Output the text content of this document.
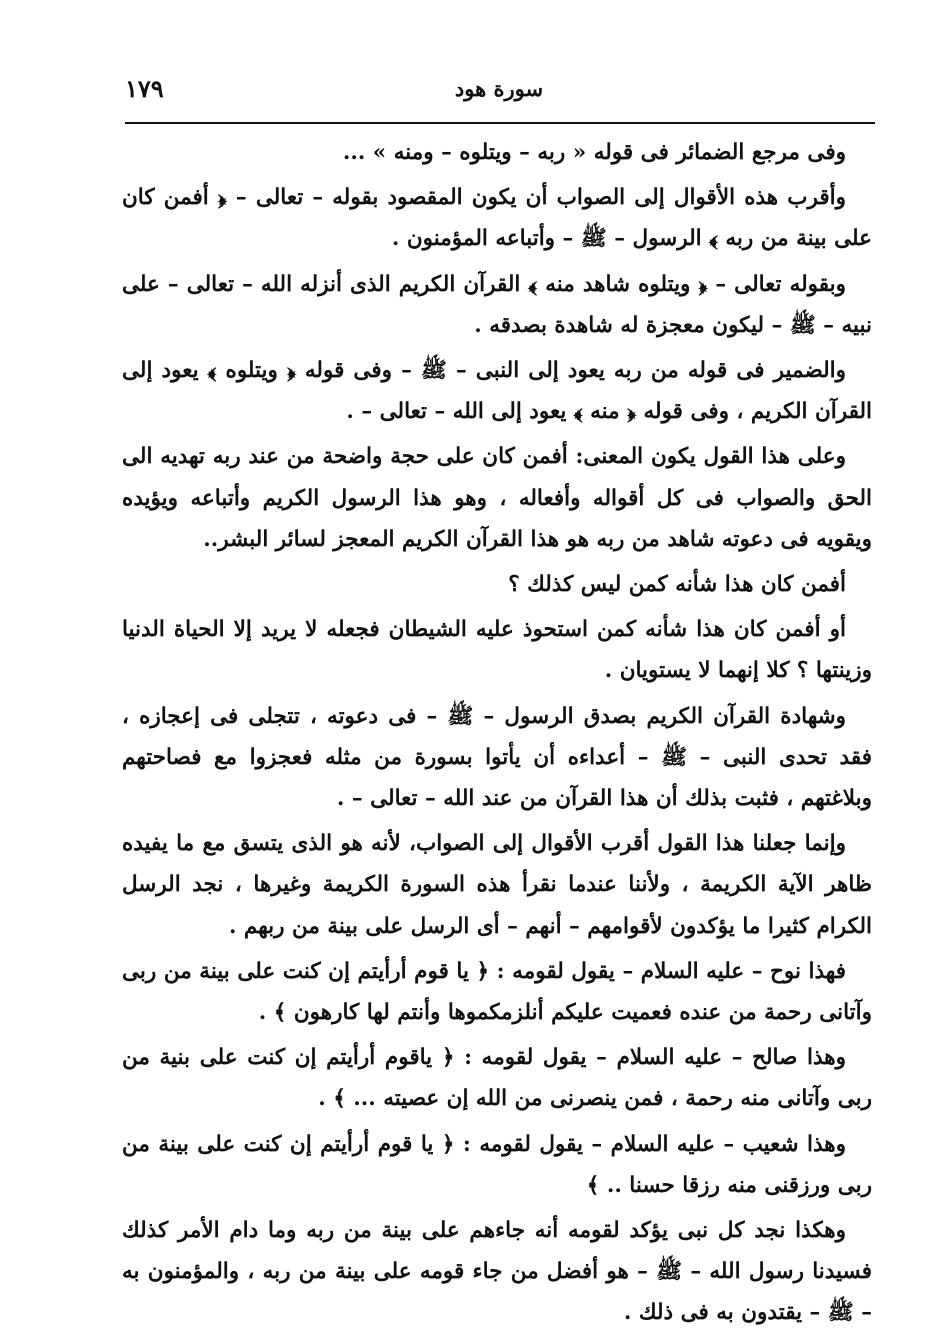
١٧٩	سورة هود

وفى مرجع الضمائر فى قوله « ربه – ويتلوه – ومنه » ...

وأقرب هذه الأقوال إلى الصواب أن يكون المقصود بقوله – تعالى – ﴿ أفمن كان على بينة من ربه ﴾ الرسول – ﷺ – وأتباعه المؤمنون .

وبقوله تعالى – ﴿ ويتلوه شاهد منه ﴾ القرآن الكريم الذى أنزله الله – تعالى – على نبيه – ﷺ – ليكون معجزة له شاهدة بصدقه .

والضمير فى قوله من ربه يعود إلى النبى – ﷺ – وفى قوله ﴿ ويتلوه ﴾ يعود إلى القرآن الكريم ، وفى قوله ﴿ منه ﴾ يعود إلى الله – تعالى – .

وعلى هذا القول يكون المعنى: أفمن كان على حجة واضحة من عند ربه تهديه الى الحق والصواب فى كل أقواله وأفعاله ، وهو هذا الرسول الكريم وأتباعه ويؤيده ويقويه فى دعوته شاهد من ربه هو هذا القرآن الكريم المعجز لسائر البشر..

أفمن كان هذا شأنه كمن ليس كذلك ؟

أو أفمن كان هذا شأنه كمن استحوذ عليه الشيطان فجعله لا يريد إلا الحياة الدنيا وزينتها ؟ كلا إنهما لا يستويان .

وشهادة القرآن الكريم بصدق الرسول – ﷺ – فى دعوته ، تتجلى فى إعجازه ، فقد تحدى النبى – ﷺ – أعداءه أن يأتوا بسورة من مثله فعجزوا مع فصاحتهم وبلاغتهم ، فثبت بذلك أن هذا القرآن من عند الله – تعالى – .

وإنما جعلنا هذا القول أقرب الأقوال إلى الصواب، لأنه هو الذى يتسق مع ما يفيده ظاهر الآية الكريمة ، ولأننا عندما نقرأ هذه السورة الكريمة وغيرها ، نجد الرسل الكرام كثيرا ما يؤكدون لأقوامهم – أنهم – أى الرسل على بينة من ربهم .

فهذا نوح – عليه السلام – يقول لقومه : ﴿ يا قوم أرأيتم إن كنت على بينة من ربى وآتانى رحمة من عنده فعميت عليكم أنلزمكموها وأنتم لها كارهون ﴾ .

وهذا صالح – عليه السلام – يقول لقومه : ﴿ ياقوم أرأيتم إن كنت على بنية من ربى وآتانى منه رحمة ، فمن ينصرنى من الله إن عصيته ... ﴾ .

وهذا شعيب – عليه السلام – يقول لقومه : ﴿ يا قوم أرأيتم إن كنت على بينة من ربى ورزقنى منه رزقا حسنا .. ﴾

وهكذا نجد كل نبى يؤكد لقومه أنه جاءهم على بينة من ربه وما دام الأمر كذلك فسيدنا رسول الله – ﷺ – هو أفضل من جاء قومه على بينة من ربه ، والمؤمنون به – ﷺ – يقتدون به فى ذلك .
